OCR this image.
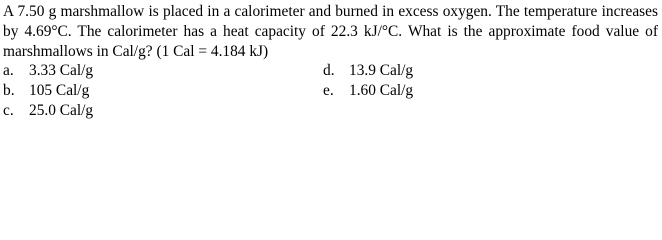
A 7.50 g marshmallow is placed in a calorimeter and burned in excess oxygen. The temperature increases by 4.69°C. The calorimeter has a heat capacity of 22.3 kJ/°C. What is the approximate food value of marshmallows in Cal/g? (1 Cal = 4.184 kJ)

a. 3.33 Cal/g
b. 105 Cal/g
c. 25.0 Cal/g
d. 13.9 Cal/g
e. 1.60 Cal/g
